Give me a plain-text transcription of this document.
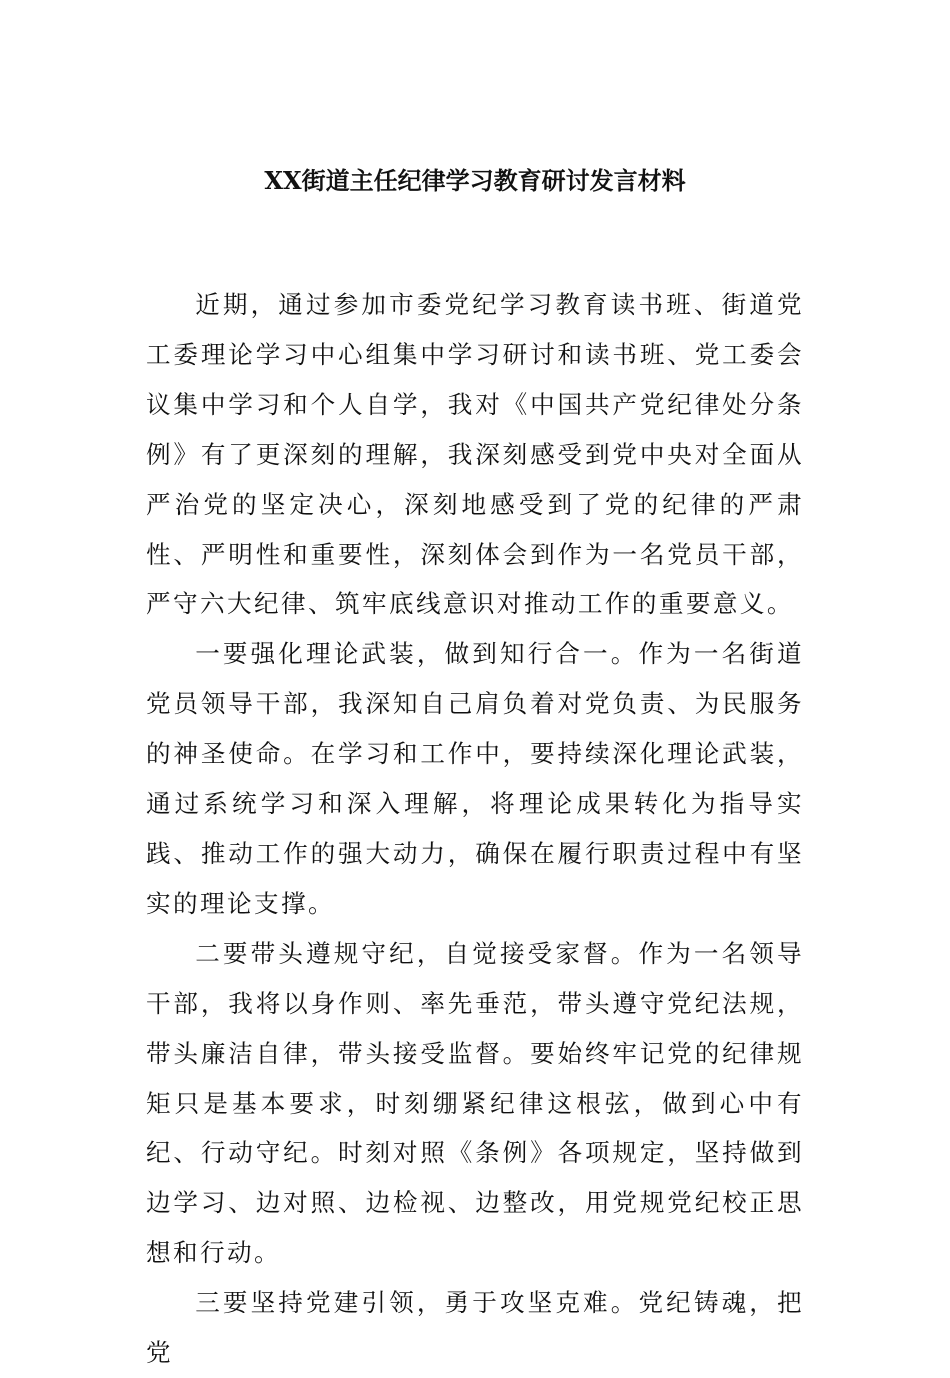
XX街道主任纪律学习教育研讨发言材料

近期，通过参加市委党纪学习教育读书班、街道党工委理论学习中心组集中学习研讨和读书班、党工委会议集中学习和个人自学，我对《中国共产党纪律处分条例》有了更深刻的理解，我深刻感受到党中央对全面从严治党的坚定决心，深刻地感受到了党的纪律的严肃性、严明性和重要性，深刻体会到作为一名党员干部，严守六大纪律、筑牢底线意识对推动工作的重要意义。

一要强化理论武装，做到知行合一。作为一名街道党员领导干部，我深知自己肩负着对党负责、为民服务的神圣使命。在学习和工作中，要持续深化理论武装，通过系统学习和深入理解，将理论成果转化为指导实践、推动工作的强大动力，确保在履行职责过程中有坚实的理论支撑。

二要带头遵规守纪，自觉接受家督。作为一名领导干部，我将以身作则、率先垂范，带头遵守党纪法规，带头廉洁自律，带头接受监督。要始终牢记党的纪律规矩只是基本要求，时刻绷紧纪律这根弦，做到心中有纪、行动守纪。时刻对照《条例》各项规定，坚持做到边学习、边对照、边检视、边整改，用党规党纪校正思想和行动。

三要坚持党建引领，勇于攻坚克难。党纪铸魂，把党
